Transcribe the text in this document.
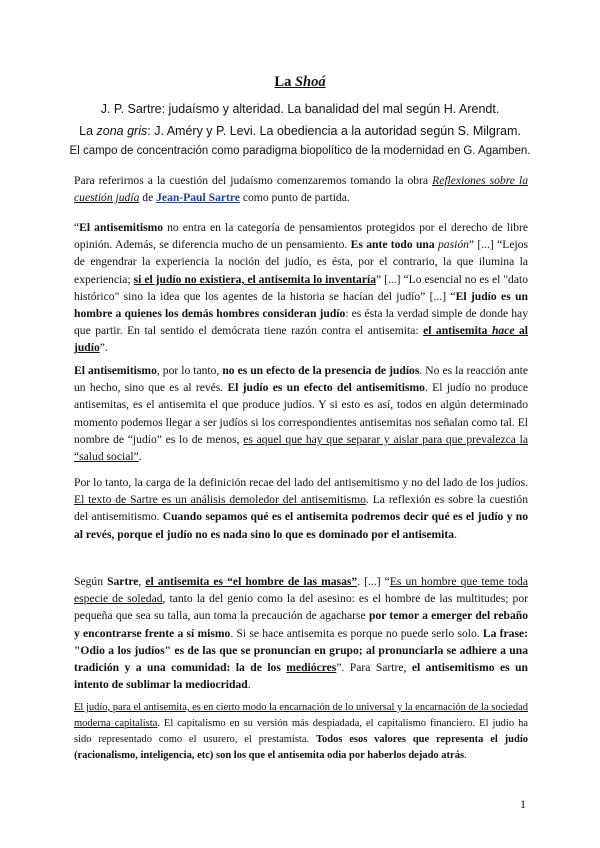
La Shoá
J. P. Sartre: judaísmo y alteridad. La banalidad del mal según H. Arendt.
La zona gris: J. Améry y P. Levi. La obediencia a la autoridad según S. Milgram.
El campo de concentración como paradigma biopolítico de la modernidad en G. Agamben.

Para referirnos a la cuestión del judaísmo comenzaremos tomando la obra Reflexiones sobre la cuestión judía de Jean-Paul Sartre como punto de partida.

“El antisemitismo no entra en la categoría de pensamientos protegidos por el derecho de libre opinión. Además, se diferencia mucho de un pensamiento. Es ante todo una pasión” [...] “Lejos de engendrar la experiencia la noción del judío, es ésta, por el contrario, la que ilumina la experiencia; si el judío no existiera, el antisemita lo inventaría” [...] “Lo esencial no es el "dato histórico" sino la idea que los agentes de la historia se hacían del judío” [...] “El judío es un hombre a quienes los demás hombres consideran judío: es ésta la verdad simple de donde hay que partir. En tal sentido el demócrata tiene razón contra el antisemita: el antisemita hace al judío”.

El antisemitismo, por lo tanto, no es un efecto de la presencia de judíos. No es la reacción ante un hecho, sino que es al revés. El judío es un efecto del antisemitismo. El judío no produce antisemitas, es el antisemita el que produce judíos. Y si esto es así, todos en algún determinado momento podemos llegar a ser judíos si los correspondientes antisemitas nos señalan como tal. El nombre de “judío” es lo de menos, es aquel que hay que separar y aislar para que prevalezca la “salud social”.

Por lo tanto, la carga de la definición recae del lado del antisemitismo y no del lado de los judíos. El texto de Sartre es un análisis demoledor del antisemitismo. La reflexión es sobre la cuestión del antisemitismo. Cuando sepamos qué es el antisemita podremos decir qué es el judío y no al revés, porque el judío no es nada sino lo que es dominado por el antisemita.

Según Sartre, el antisemita es “el hombre de las masas”. [...] “Es un hombre que teme toda especie de soledad, tanto la del genio como la del asesino: es el hombre de las multitudes; por pequeña que sea su talla, aun toma la precaución de agacharse por temor a emerger del rebaño y encontrarse frente a sí mismo. Si se hace antisemita es porque no puede serlo solo. La frase: "Odio a los judíos" es de las que se pronuncian en grupo; al pronunciarla se adhiere a una tradición y a una comunidad: la de los mediócres”. Para Sartre, el antisemitismo es un intento de sublimar la mediocridad.

El judío, para el antisemita, es en cierto modo la encarnación de lo universal y la encarnación de la sociedad moderna capitalista. El capitalismo en su versión más despiadada, el capitalismo financiero. El judío ha sido representado como el usurero, el prestamista. Todos esos valores que representa el judío (racionalismo, inteligencia, etc) son los que el antisemita odia por haberlos dejado atrás.

1
